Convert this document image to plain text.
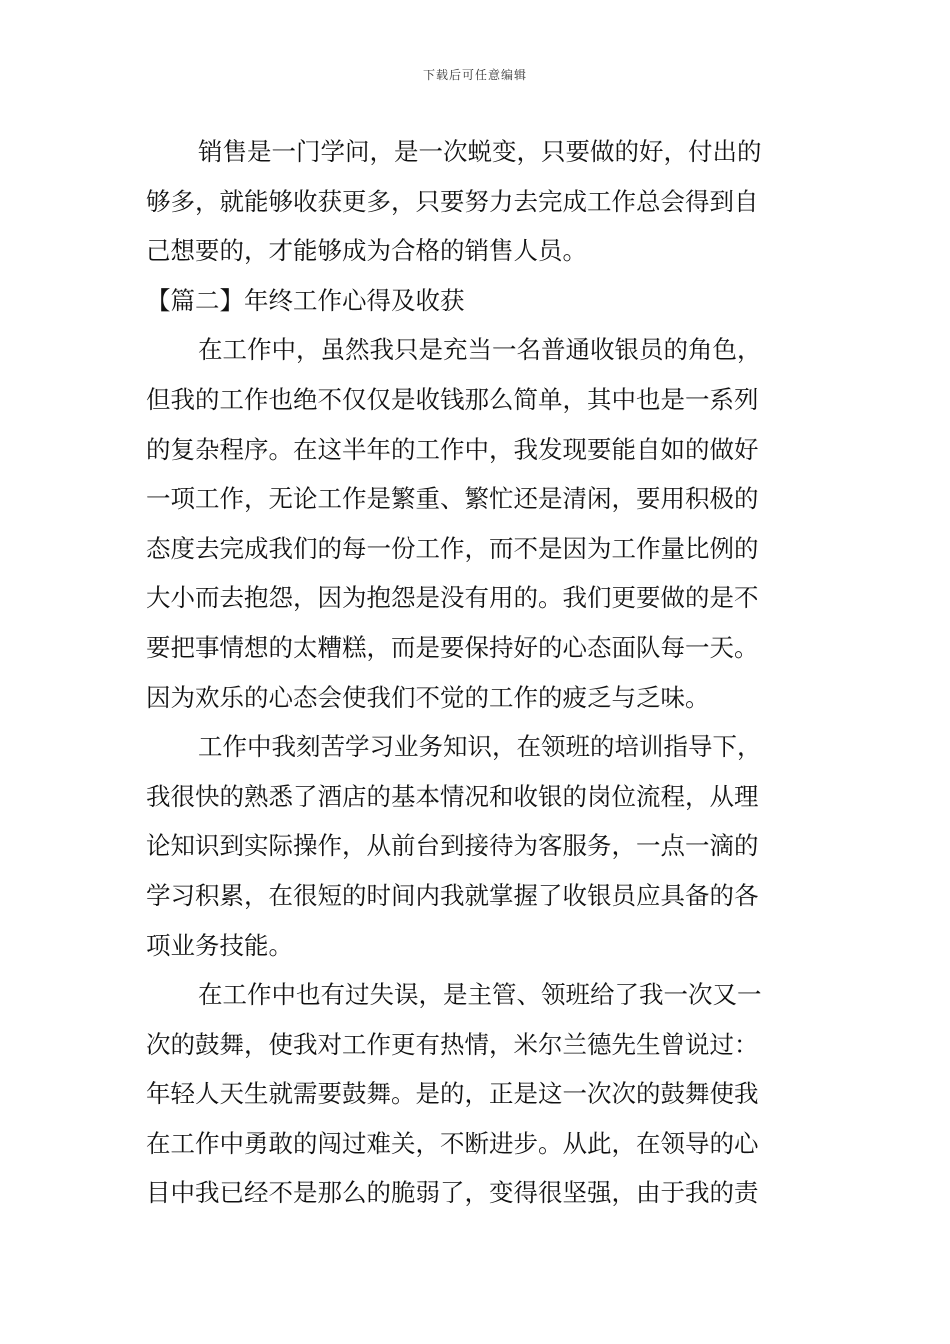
下载后可任意编辑
销售是一门学问，是一次蜕变，只要做的好，付出的
够多，就能够收获更多，只要努力去完成工作总会得到自
己想要的，才能够成为合格的销售人员。
【篇二】年终工作心得及收获
在工作中，虽然我只是充当一名普通收银员的角色，
但我的工作也绝不仅仅是收钱那么简单，其中也是一系列
的复杂程序。在这半年的工作中，我发现要能自如的做好
一项工作，无论工作是繁重、繁忙还是清闲，要用积极的
态度去完成我们的每一份工作，而不是因为工作量比例的
大小而去抱怨，因为抱怨是没有用的。我们更要做的是不
要把事情想的太糟糕，而是要保持好的心态面队每一天。
因为欢乐的心态会使我们不觉的工作的疲乏与乏味。
工作中我刻苦学习业务知识，在领班的培训指导下，
我很快的熟悉了酒店的基本情况和收银的岗位流程，从理
论知识到实际操作，从前台到接待为客服务，一点一滴的
学习积累，在很短的时间内我就掌握了收银员应具备的各
项业务技能。
在工作中也有过失误，是主管、领班给了我一次又一
次的鼓舞，使我对工作更有热情，米尔兰德先生曾说过：
年轻人天生就需要鼓舞。是的，正是这一次次的鼓舞使我
在工作中勇敢的闯过难关，不断进步。从此，在领导的心
目中我已经不是那么的脆弱了，变得很坚强，由于我的责
